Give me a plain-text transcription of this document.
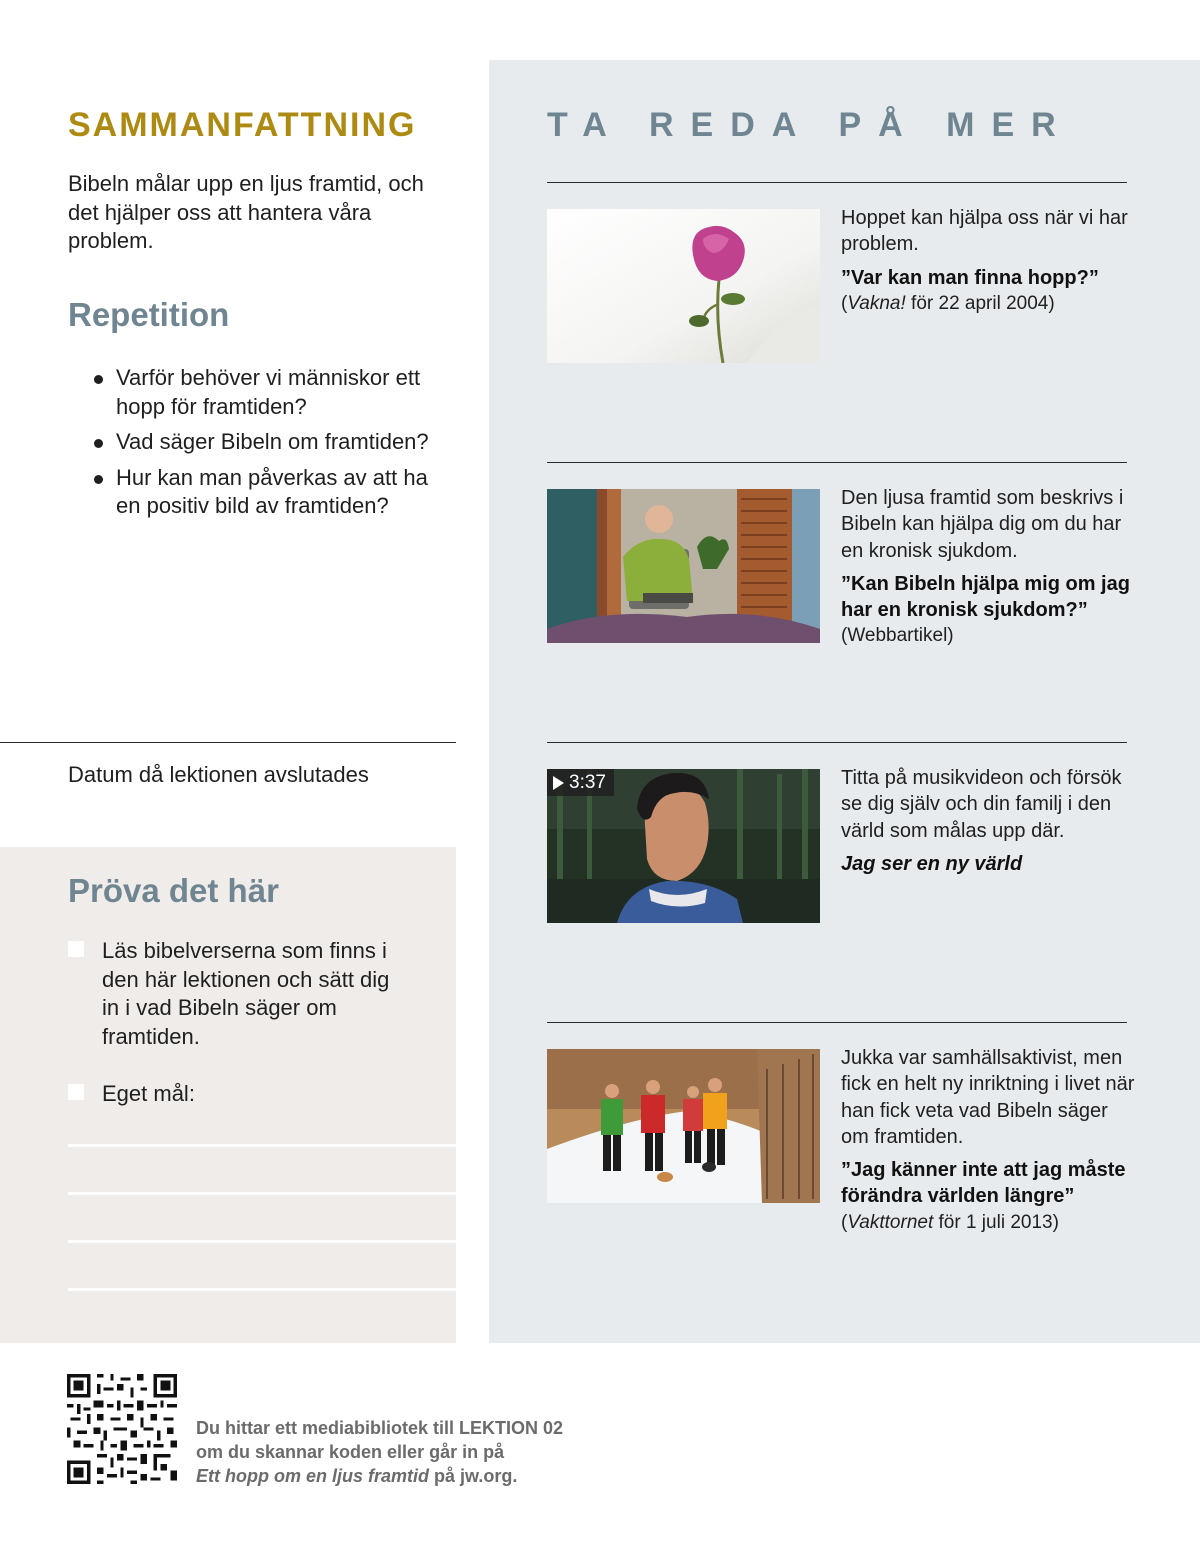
SAMMANFATTNING

Bibeln målar upp en ljus framtid, och det hjälper oss att hantera våra problem.

Repetition
Varför behöver vi människor ett hopp för framtiden?
Vad säger Bibeln om framtiden?
Hur kan man påverkas av att ha en positiv bild av framtiden?
Datum då lektionen avslutades
Pröva det här

Läs bibelverserna som finns i den här lektionen och sätt dig in i vad Bibeln säger om framtiden.

Eget mål:

TA REDA PÅ MER

Hoppet kan hjälpa oss när vi har problem.

”Var kan man finna hopp?”

(Vakna! för 22 april 2004)

Den ljusa framtid som beskrivs i Bibeln kan hjälpa dig om du har en kronisk sjukdom.

”Kan Bibeln hjälpa mig om jag har en kronisk sjukdom?”

(Webbartikel)

3:37	Titta på musikvideon och försök se dig själv och din familj i den värld som målas upp där.

Jag ser en ny värld

Jukka var samhällsaktivist, men fick en helt ny inriktning i livet när han fick veta vad Bibeln säger om framtiden.

”Jag känner inte att jag måste förändra världen längre”

(Vakttornet för 1 juli 2013)

Du hittar ett mediabibliotek till LEKTION 02
om du skannar koden eller går in på
Ett hopp om en ljus framtid på jw.org.
